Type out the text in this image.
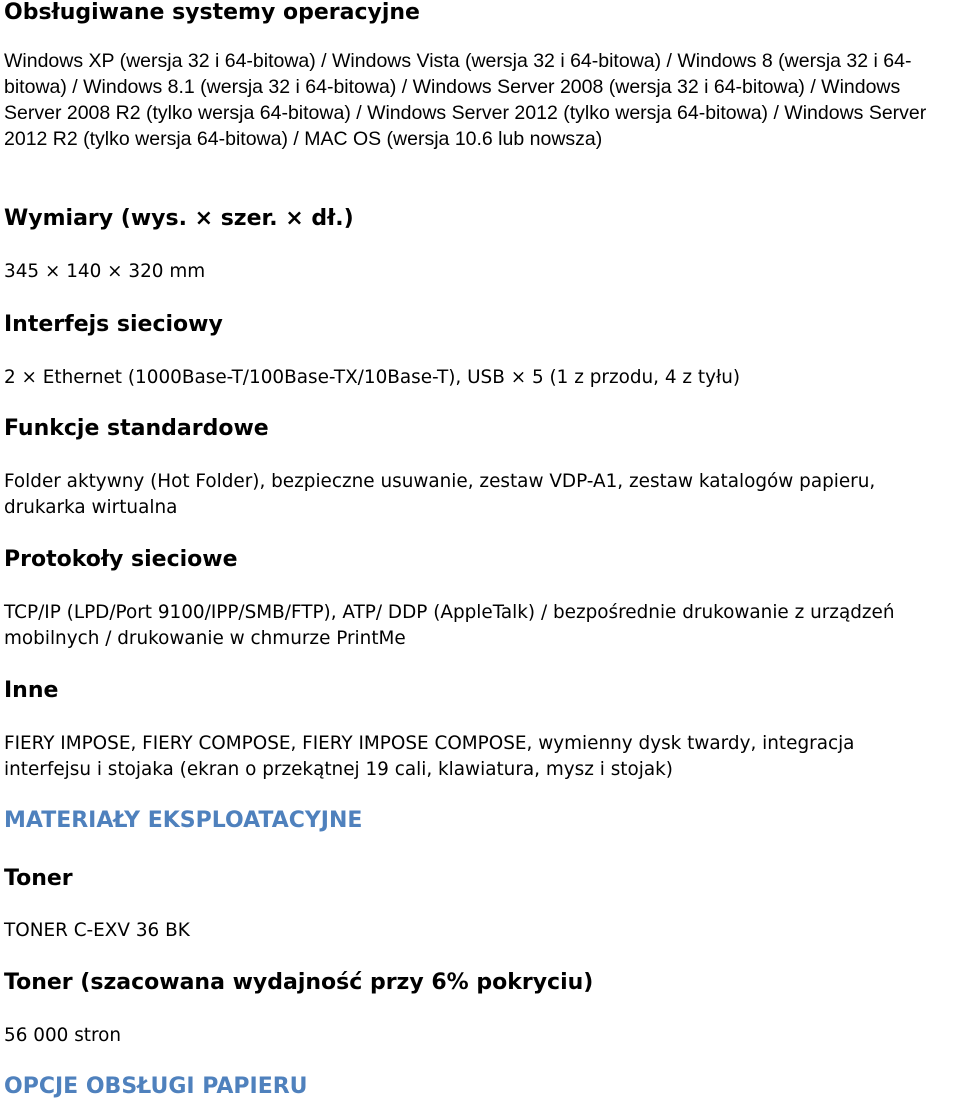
Obsługiwane systemy operacyjne

Windows XP (wersja 32 i 64-bitowa) / Windows Vista (wersja 32 i 64-bitowa) / Windows 8 (wersja 32 i 64-bitowa) / Windows 8.1 (wersja 32 i 64-bitowa) / Windows Server 2008 (wersja 32 i 64-bitowa) / Windows Server 2008 R2 (tylko wersja 64-bitowa) / Windows Server 2012 (tylko wersja 64-bitowa) / Windows Server 2012 R2 (tylko wersja 64-bitowa) / MAC OS (wersja 10.6 lub nowsza)

Wymiary (wys. × szer. × dł.)

345 × 140 × 320 mm

Interfejs sieciowy

2 × Ethernet (1000Base-T/100Base-TX/10Base-T), USB × 5 (1 z przodu, 4 z tyłu)

Funkcje standardowe

Folder aktywny (Hot Folder), bezpieczne usuwanie, zestaw VDP-A1, zestaw katalogów papieru, drukarka wirtualna

Protokoły sieciowe

TCP/IP (LPD/Port 9100/IPP/SMB/FTP), ATP/ DDP (AppleTalk) / bezpośrednie drukowanie z urządzeń mobilnych / drukowanie w chmurze PrintMe

Inne

FIERY IMPOSE, FIERY COMPOSE, FIERY IMPOSE COMPOSE, wymienny dysk twardy, integracja interfejsu i stojaka (ekran o przekątnej 19 cali, klawiatura, mysz i stojak)

MATERIAŁY EKSPLOATACYJNE
Toner

TONER C-EXV 36 BK

Toner (szacowana wydajność przy 6% pokryciu)

56 000 stron

OPCJE OBSŁUGI PAPIERU
